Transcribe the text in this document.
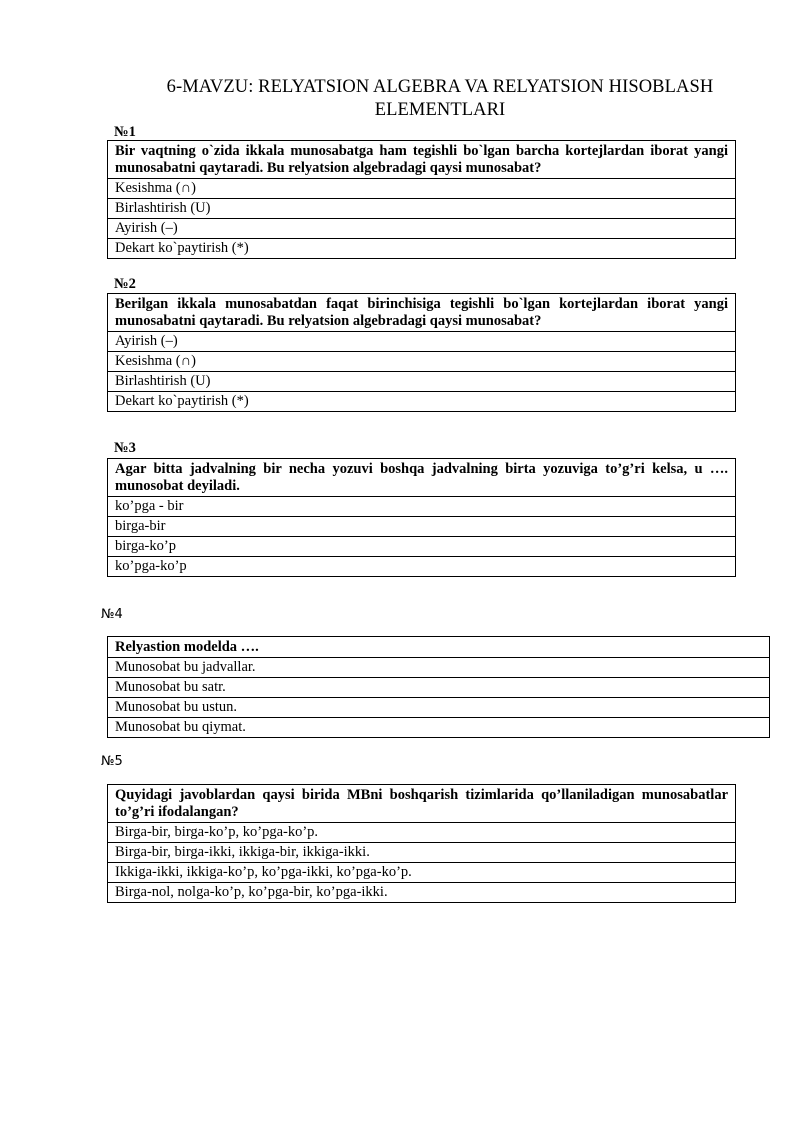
6-MAVZU: RELYATSION ALGEBRA VA RELYATSION HISOBLASH ELEMENTLARI
№1
Bir vaqtning o`zida ikkala munosabatga ham tegishli bo`lgan barcha kortejlardan iborat yangi munosabatni qaytaradi. Bu relyatsion algebradagi qaysi munosabat?
Kesishma (∩)
Birlashtirish (U)
Ayirish (–)
Dekart ko`paytirish (*)
№2
Berilgan ikkala munosabatdan faqat birinchisiga tegishli bo`lgan kortejlardan iborat yangi munosabatni qaytaradi. Bu relyatsion algebradagi qaysi munosabat?
Ayirish (–)
Kesishma (∩)
Birlashtirish (U)
Dekart ko`paytirish (*)
№3
Agar bitta jadvalning bir necha yozuvi boshqa jadvalning birta yozuviga to’g’ri kelsa, u …. munosobat deyiladi.
ko’pga - bir
birga-bir
birga-ko’p
ko’pga-ko’p
№4
Relyastion modelda ….
Munosobat bu jadvallar.
Munosobat bu satr.
Munosobat bu ustun.
Munosobat bu qiymat.
№5
Quyidagi javoblardan qaysi birida MBni boshqarish tizimlarida qo’llaniladigan munosabatlar to’g’ri ifodalangan?
Birga-bir, birga-ko’p, ko’pga-ko’p.
Birga-bir, birga-ikki, ikkiga-bir, ikkiga-ikki.
Ikkiga-ikki, ikkiga-ko’p, ko’pga-ikki, ko’pga-ko’p.
Birga-nol, nolga-ko’p, ko’pga-bir, ko’pga-ikki.
